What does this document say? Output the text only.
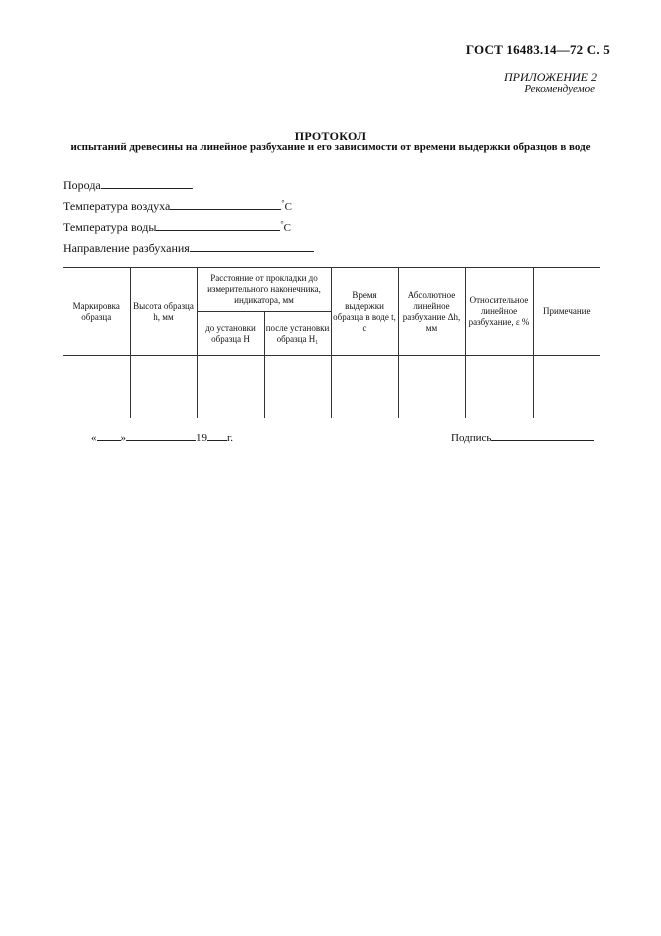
ГОСТ 16483.14—72 С. 5
ПРИЛОЖЕНИЕ 2
Рекомендуемое
ПРОТОКОЛ
испытаний древесины на линейное разбухание и его зависимости от времени выдержки образцов в воде
Порода
Температура воздуха	°С
Температура воды	°С
Направление разбухания
Маркировка образца	Высота образца h, мм	Расстояние от прокладки до измерительного наконечника, индикатора, мм		Время выдержки образца в воде t, с	Абсолютное линейное разбухание Δh, мм	Относительное линейное разбухание, ε %	Примечание
		до установки образца H	после установки образца H₁				

« »	19 г.	Подпись
